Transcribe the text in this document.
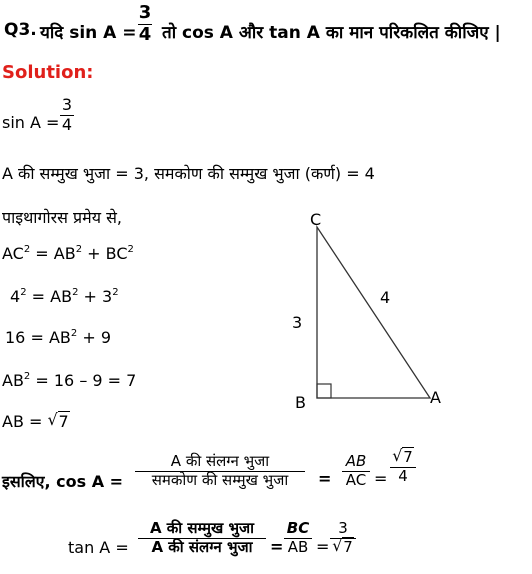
Q3. यदि sin A =
3
4 तो cos A और tan A का मान परिकलित कीजिए |
Solution:
sin A =
3
4
A की सम्मुख भुजा = 3, समकोण की सम्मुख भुजा (कर्ण) = 4
पाइथागोरस प्रमेय से,
$AC^2 = AB^2 + BC^2$
$4^2 = AB^2 + 3^2$
$16 = AB^2 + 9$
$AB^2 = 16 - 9 = 7$
AB = √ 7
इसलिए, cos A =
A की संलग्न भुजा
समकोण की सम्मुख भुजा	=
AB
AC =
√ 7
4
tan A =
A की सम्मुख भुजा
A की संलग्न भुजा	=
BC
AB =
3
√ 7
C
B	A
3
4
